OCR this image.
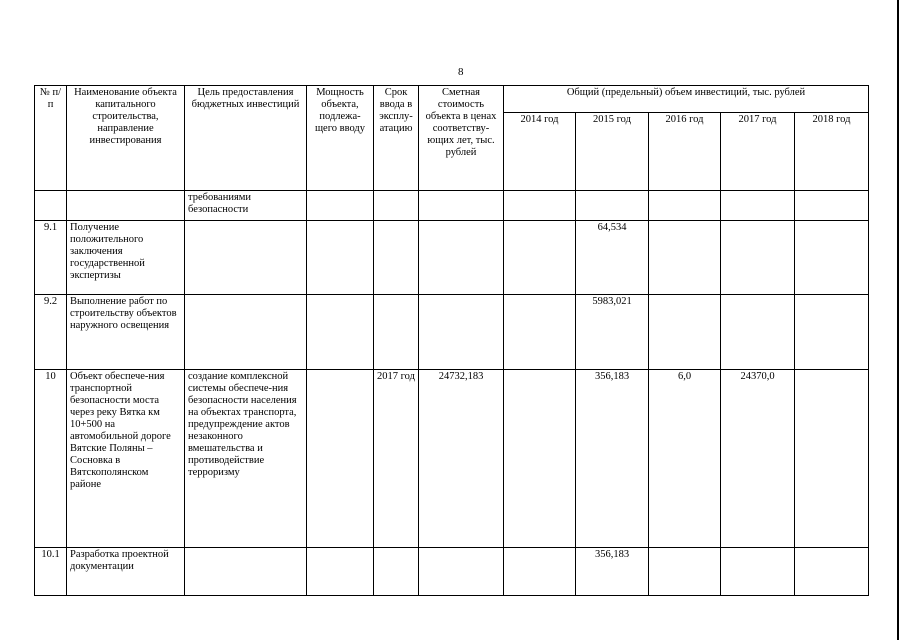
8
№ п/п	Наименование объекта капитального строительства, направление инвестирования	Цель предоставления бюджетных инвестиций	Мощность объекта, подлежа-щего вводу	Срок ввода в эксплу-атацию	Сметная стоимость объекта в ценах соответству-ющих лет, тыс. рублей	Общий (предельный) объем инвестиций, тыс. рублей				
						2014 год	2015 год	2016 год	2017 год	2018 год
		требованиями безопасности								
9.1	Получение положительного заключения государственной экспертизы						64,534			
9.2	Выполнение работ по строительству объектов наружного освещения						5983,021			
10	Объект обеспече-ния транспортной безопасности моста через реку Вятка км 10+500 на автомобильной дороге Вятские Поляны – Сосновка в Вятскополянском районе	создание комплексной системы обеспече-ния безопасности населения на объектах транспорта, предупреждение актов незаконного вмешательства и противодействие терроризму		2017 год	24732,183		356,183	6,0	24370,0	
10.1	Разработка проектной документации						356,183			
